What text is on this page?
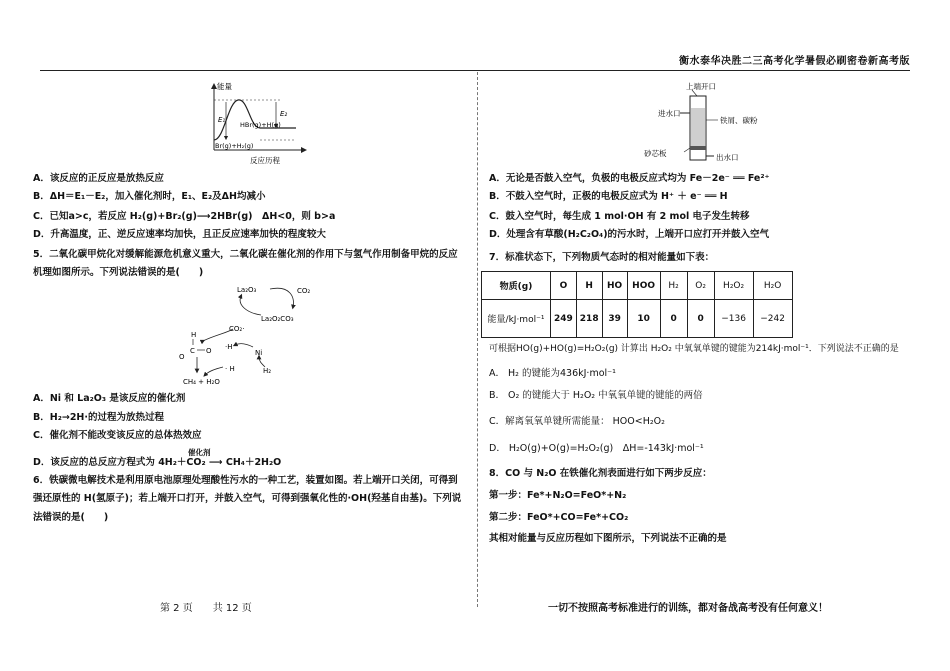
衡水泰华决胜二三高考化学暑假必刷密卷新高考版
能量
E₁
E₂
HBr(g)+H(g)
Br(g)+H₂(g)
反应历程
A．该反应的正反应是放热反应
B．ΔH＝E₁－E₂，加入催化剂时，E₁、E₂及ΔH均减小
C．已知a>c，若反应 H₂(g)+Br₂(g)⟶2HBr(g)　ΔH<0，则 b>a
D．升高温度，正、逆反应速率均加快，且正反应速率加快的程度较大
5．二氧化碳甲烷化对缓解能源危机意义重大，二氧化碳在催化剂的作用下与氢气作用制备甲烷的反应
机理如图所示。下列说法错误的是(　　)
La₂O₃	CO₂
La₂O₂CO₃
CO₂·
H
C
O
O ·H
Ni
H₂
· H
CH₄ + H₂O
A．Ni 和 La₂O₃ 是该反应的催化剂
B．H₂→2H·的过程为放热过程
C．催化剂不能改变该反应的总体热效应
催化剂
D．该反应的总反应方程式为 4H₂＋CO₂ ⟶ CH₄＋2H₂O
6．铁碳微电解技术是利用原电池原理处理酸性污水的一种工艺，装置如图。若上端开口关闭，可得到
强还原性的 H(氢原子)；若上端开口打开，并鼓入空气，可得到强氧化性的·OH(羟基自由基)。下列说
法错误的是(　　)
上端开口
进水口
铁屑、碳粉
砂芯板	出水口
A．无论是否鼓入空气，负极的电极反应式均为 Fe－2e⁻ ══ Fe²⁺
B．不鼓入空气时，正极的电极反应式为 H⁺ ＋ e⁻ ══ H
C．鼓入空气时，每生成 1 mol·OH 有 2 mol 电子发生转移
D．处理含有草酸(H₂C₂O₄)的污水时，上端开口应打开并鼓入空气
7．标准状态下，下列物质气态时的相对能量如下表：
物质(g)	O	H	HO	HOO	H₂	O₂	H₂O₂	H₂O
能量/kJ·mol⁻¹	249	218	39	10	0	0	−136	−242
可根据HO(g)+HO(g)=H₂O₂(g) 计算出 H₂O₂ 中氧氧单键的键能为214kJ·mol⁻¹．下列说法不正确的是
A． H₂ 的键能为436kJ·mol⁻¹
B． O₂ 的键能大于 H₂O₂ 中氧氧单键的键能的两倍
C．解离氧氧单键所需能量： HOO<H₂O₂
D． H₂O(g)+O(g)=H₂O₂(g)　ΔH=-143kJ·mol⁻¹
8．CO 与 N₂O 在铁催化剂表面进行如下两步反应：
第一步：Fe*+N₂O=FeO*+N₂
第二步：FeO*+CO=Fe*+CO₂
其相对能量与反应历程如下图所示，下列说法不正确的是
第 2 页　　共 12 页	一切不按照高考标准进行的训练，都对备战高考没有任何意义！
